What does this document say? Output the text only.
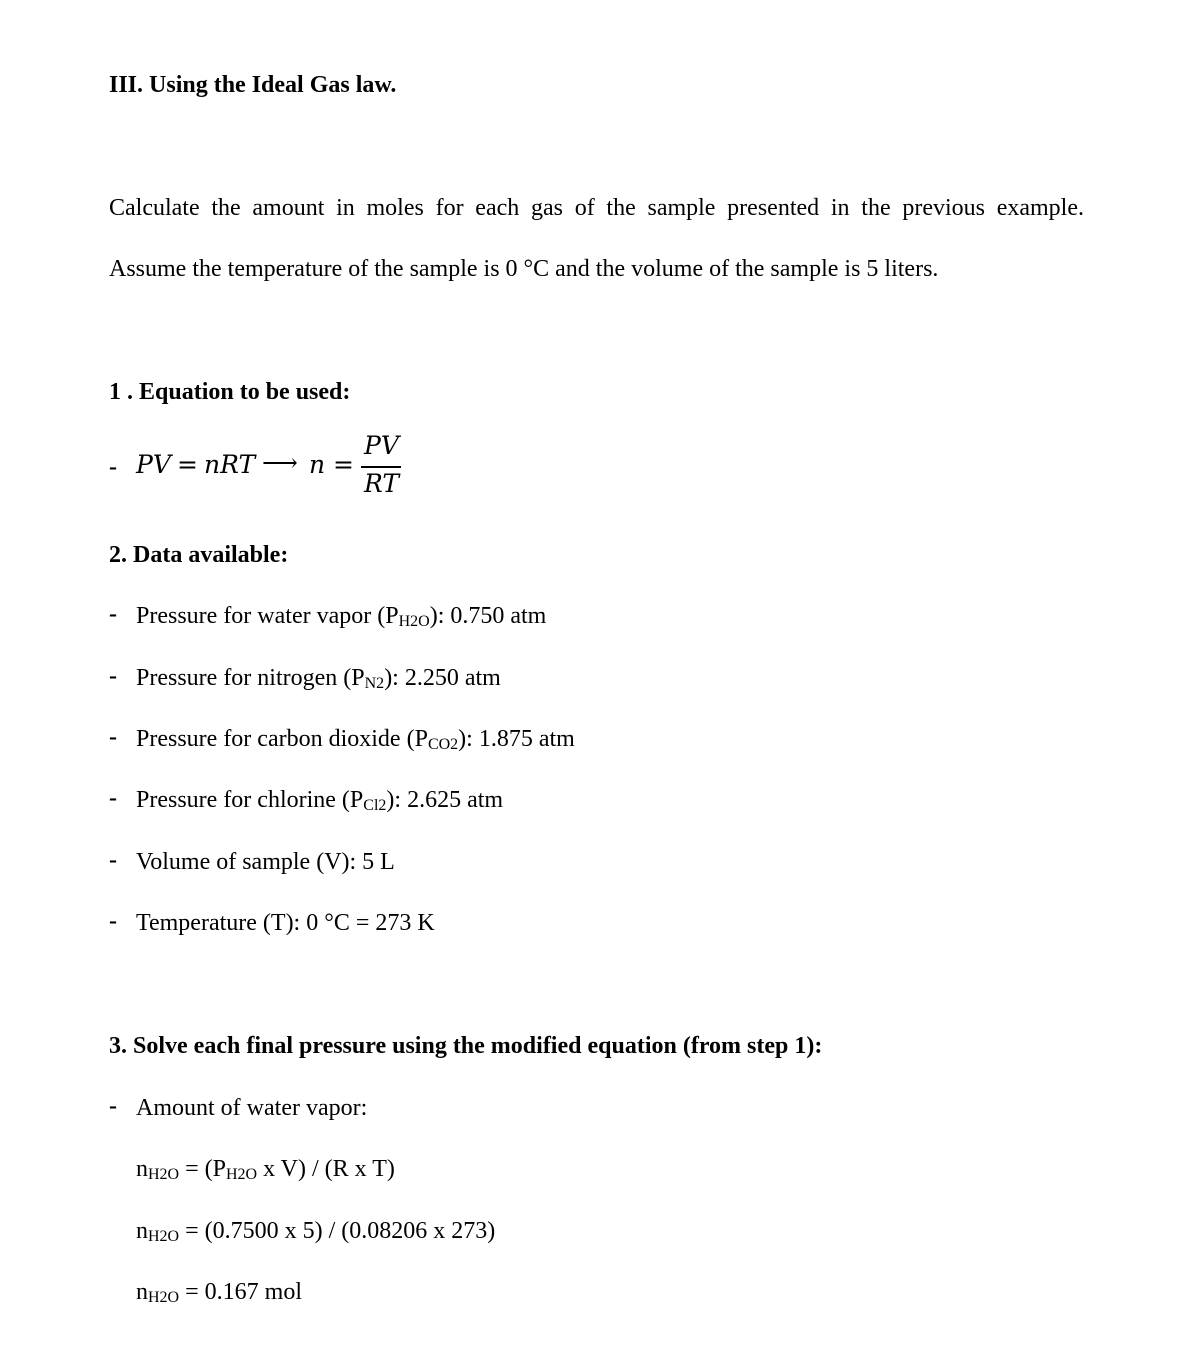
III. Using the Ideal Gas law.
Calculate the amount in moles for each gas of the sample presented in the previous example.
Assume the temperature of the sample is 0 °C and the volume of the sample is 5 liters.
1 . Equation to be used:
- PV = nRT ⟶ n =
PV
RT
2. Data available:
- Pressure for water vapor (PH2O): 0.750 atm
- Pressure for nitrogen (PN2): 2.250 atm
- Pressure for carbon dioxide (PCO2): 1.875 atm
- Pressure for chlorine (PCl2): 2.625 atm
- Volume of sample (V): 5 L
- Temperature (T): 0 °C = 273 K
3. Solve each final pressure using the modified equation (from step 1):
- Amount of water vapor:
nH2O = (PH2O x V) / (R x T)
nH2O = (0.7500 x 5) / (0.08206 x 273)
nH2O = 0.167 mol
